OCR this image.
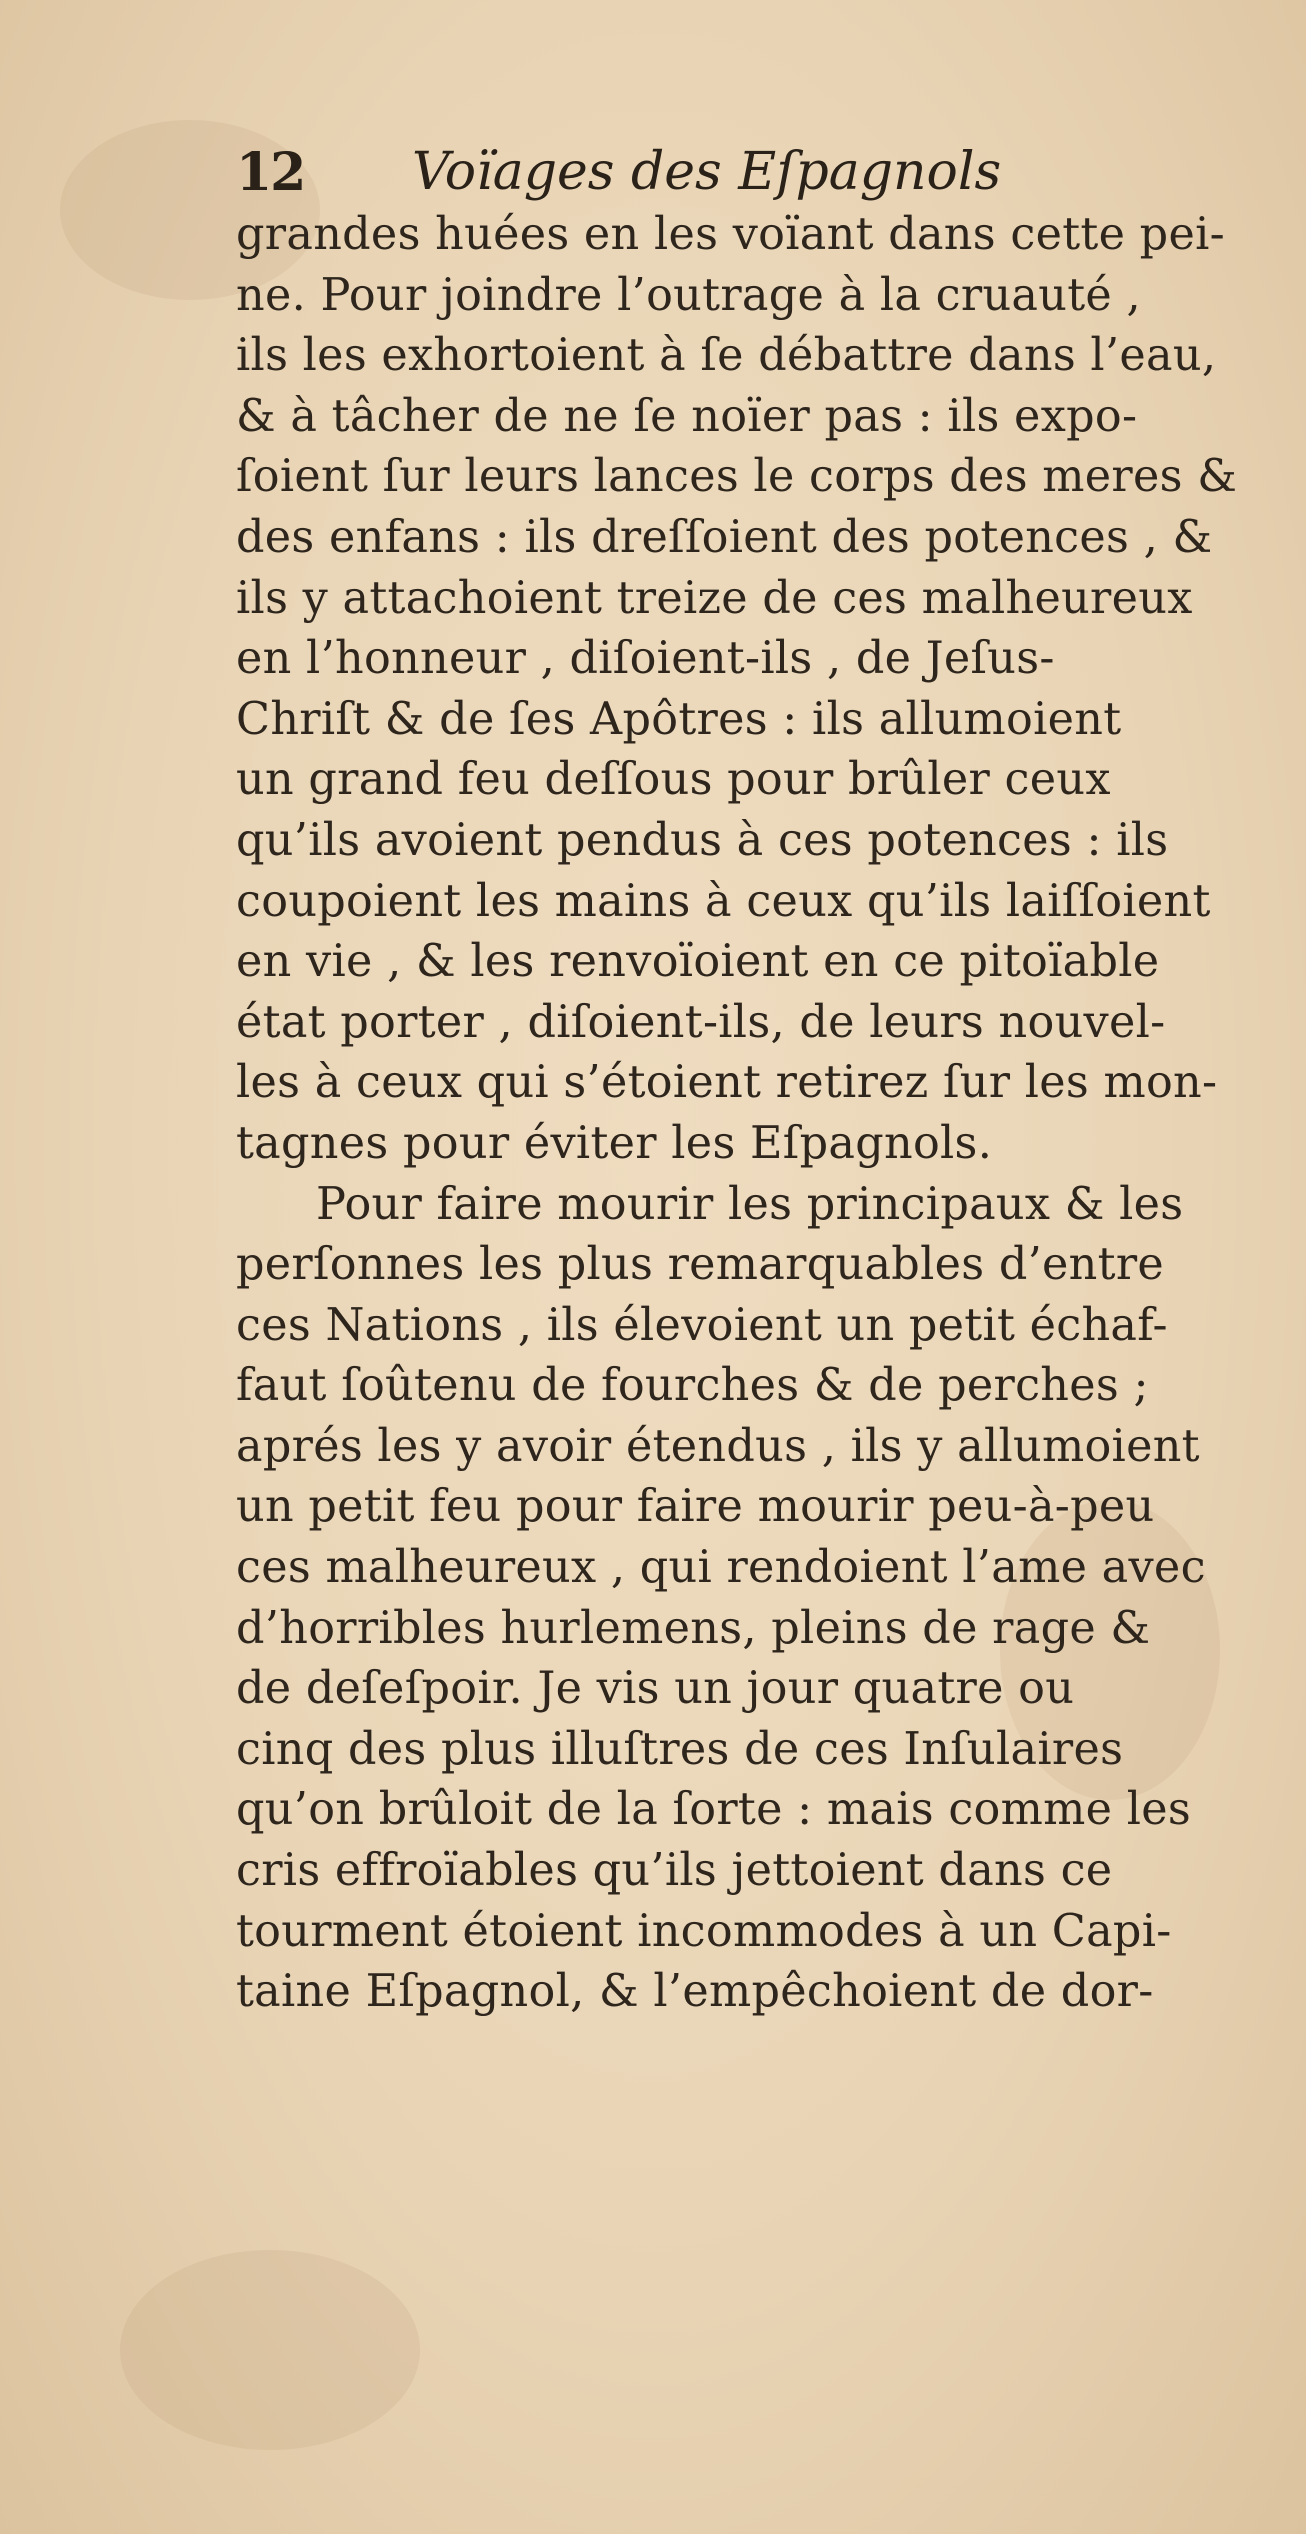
12 Voïages des Eſpagnols
grandes huées en les voïant dans cette pei-
ne. Pour joindre l’outrage à la cruauté ,
ils les exhortoient à ſe débattre dans l’eau,
& à tâcher de ne ſe noïer pas : ils expo-
ſoient ſur leurs lances le corps des meres &
des enfans : ils dreſſoient des potences , &
ils y attachoient treize de ces malheureux
en l’honneur , diſoient-ils , de Jeſus-
Chriſt & de ſes Apôtres : ils allumoient
un grand feu deſſous pour brûler ceux
qu’ils avoient pendus à ces potences : ils
coupoient les mains à ceux qu’ils laiſſoient
en vie , & les renvoïoient en ce pitoïable
état porter , diſoient-ils, de leurs nouvel-
les à ceux qui s’étoient retirez ſur les mon-
tagnes pour éviter les Eſpagnols.
Pour faire mourir les principaux & les
perſonnes les plus remarquables d’entre
ces Nations , ils élevoient un petit échaf-
faut ſoûtenu de fourches & de perches ;
aprés les y avoir étendus , ils y allumoient
un petit feu pour faire mourir peu-à-peu
ces malheureux , qui rendoient l’ame avec
d’horribles hurlemens, pleins de rage &
de deſeſpoir. Je vis un jour quatre ou
cinq des plus illuſtres de ces Inſulaires
qu’on brûloit de la ſorte : mais comme les
cris effroïables qu’ils jettoient dans ce
tourment étoient incommodes à un Capi-
taine Eſpagnol, & l’empêchoient de dor-
